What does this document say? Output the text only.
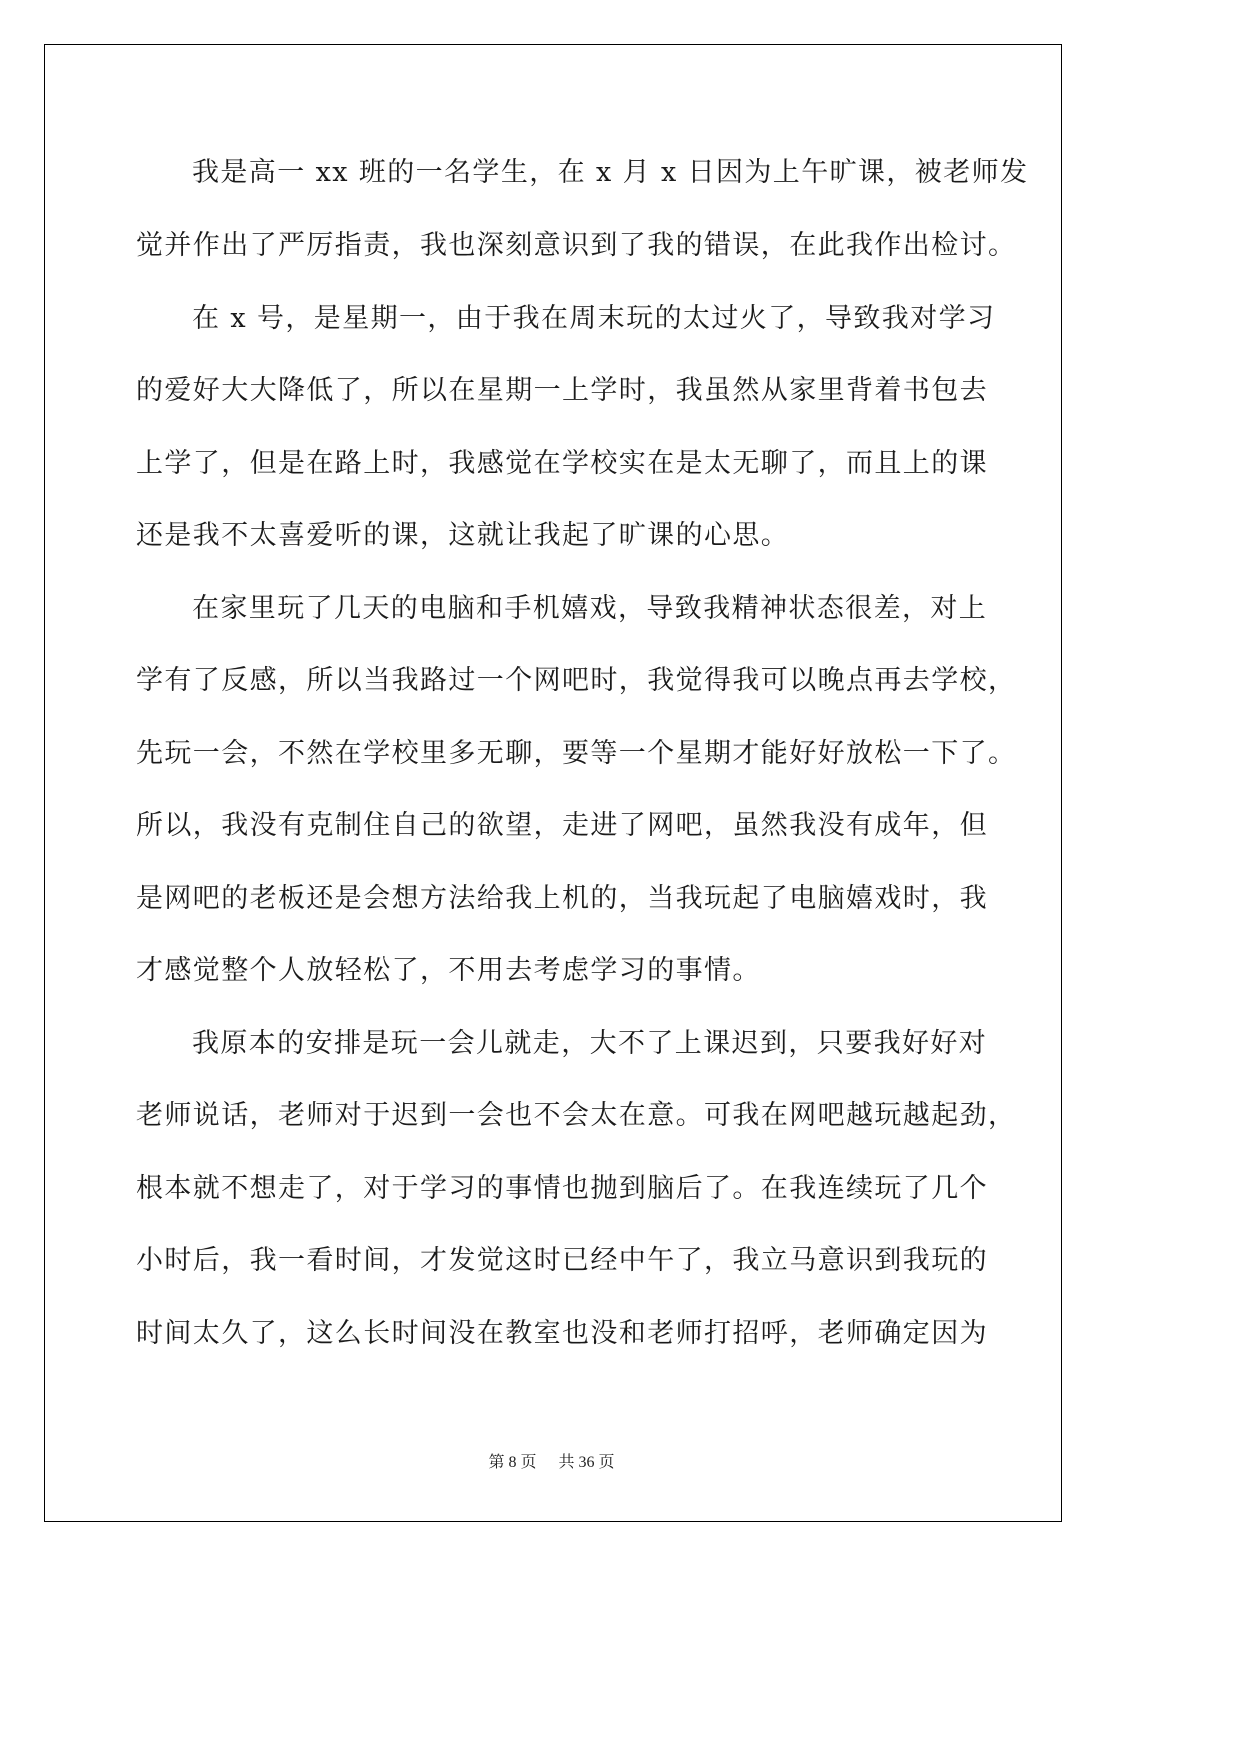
我是高一 xx 班的一名学生，在 x 月 x 日因为上午旷课，被老师发
觉并作出了严厉指责，我也深刻意识到了我的错误，在此我作出检讨。
在 x 号，是星期一，由于我在周末玩的太过火了，导致我对学习
的爱好大大降低了，所以在星期一上学时，我虽然从家里背着书包去
上学了，但是在路上时，我感觉在学校实在是太无聊了，而且上的课
还是我不太喜爱听的课，这就让我起了旷课的心思。
在家里玩了几天的电脑和手机嬉戏，导致我精神状态很差，对上
学有了反感，所以当我路过一个网吧时，我觉得我可以晚点再去学校，
先玩一会，不然在学校里多无聊，要等一个星期才能好好放松一下了。
所以，我没有克制住自己的欲望，走进了网吧，虽然我没有成年，但
是网吧的老板还是会想方法给我上机的，当我玩起了电脑嬉戏时，我
才感觉整个人放轻松了，不用去考虑学习的事情。
我原本的安排是玩一会儿就走，大不了上课迟到，只要我好好对
老师说话，老师对于迟到一会也不会太在意。可我在网吧越玩越起劲，
根本就不想走了，对于学习的事情也抛到脑后了。在我连续玩了几个
小时后，我一看时间，才发觉这时已经中午了，我立马意识到我玩的
时间太久了，这么长时间没在教室也没和老师打招呼，老师确定因为
第 8 页 共 36 页
